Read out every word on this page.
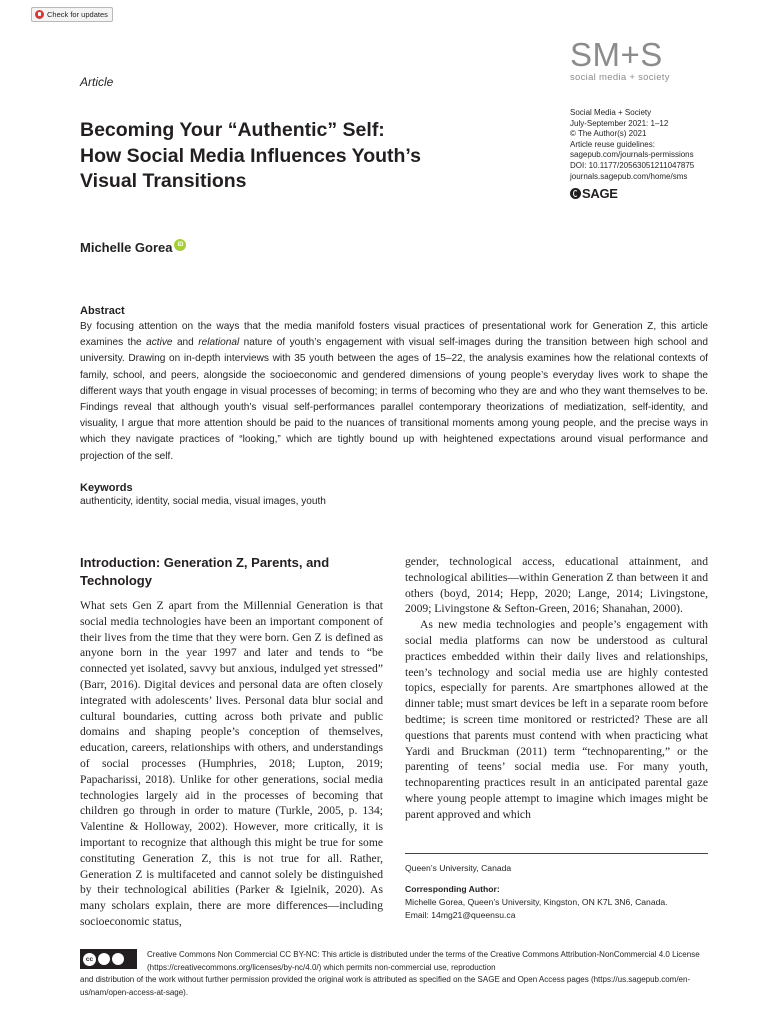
Check for updates
Article
SM+S
social media + society
Social Media + Society
July-September 2021: 1–12
© The Author(s) 2021
Article reuse guidelines:
sagepub.com/journals-permissions
DOI: 10.1177/20563051211047875
journals.sagepub.com/home/sms
SAGE
Becoming Your “Authentic” Self:
How Social Media Influences Youth’s
Visual Transitions
Michelle Gorea iD
Abstract
By focusing attention on the ways that the media manifold fosters visual practices of presentational work for Generation Z, this article examines the active and relational nature of youth’s engagement with visual self-images during the transition between high school and university. Drawing on in-depth interviews with 35 youth between the ages of 15–22, the analysis examines how the relational contexts of family, school, and peers, alongside the socioeconomic and gendered dimensions of young people’s everyday lives work to shape the different ways that youth engage in visual processes of becoming; in terms of becoming who they are and who they want themselves to be. Findings reveal that although youth’s visual self-performances parallel contemporary theorizations of mediatization, self-identity, and visuality, I argue that more attention should be paid to the nuances of transitional moments among young people, and the precise ways in which they navigate practices of “looking,” which are tightly bound up with heightened expectations around visual performance and projection of the self.
Keywords
authenticity, identity, social media, visual images, youth
Introduction: Generation Z, Parents, and Technology

What sets Gen Z apart from the Millennial Generation is that social media technologies have been an important component of their lives from the time that they were born. Gen Z is defined as anyone born in the year 1997 and later and tends to “be connected yet isolated, savvy but anxious, indulged yet stressed” (Barr, 2016). Digital devices and personal data are often closely integrated with adolescents’ lives. Personal data blur social and cultural boundaries, cutting across both private and public domains and shaping people’s conception of themselves, education, careers, relationships with others, and understandings of social processes (Humphries, 2018; Lupton, 2019; Papacharissi, 2018). Unlike for other generations, social media technologies largely aid in the processes of becoming that children go through in order to mature (Turkle, 2005, p. 134; Valentine & Holloway, 2002). However, more critically, it is important to recognize that although this might be true for some constituting Generation Z, this is not true for all. Rather, Generation Z is multifaceted and cannot solely be distinguished by their technological abilities (Parker & Igielnik, 2020). As many scholars explain, there are more differences—including socioeconomic status,

gender, technological access, educational attainment, and technological abilities—within Generation Z than between it and others (boyd, 2014; Hepp, 2020; Lange, 2014; Livingstone, 2009; Livingstone & Sefton-Green, 2016; Shanahan, 2000).

As new media technologies and people’s engagement with social media platforms can now be understood as cultural practices embedded within their daily lives and relationships, teen’s technology and social media use are highly contested topics, especially for parents. Are smartphones allowed at the dinner table; must smart devices be left in a separate room before bedtime; is screen time monitored or restricted? These are all questions that parents must contend with when practicing what Yardi and Bruckman (2011) term “technoparenting,” or the parenting of teens’ social media use. For many youth, technoparenting practices result in an anticipated parental gaze where young people attempt to imagine which images might be parent approved and which

Queen’s University, Canada
Corresponding Author:
Michelle Gorea, Queen’s University, Kingston, ON K7L 3N6, Canada.
Email: 14mg21@queensu.ca
cc	Creative Commons Non Commercial CC BY-NC: This article is distributed under the terms of the Creative Commons Attribution-NonCommercial 4.0 License (https://creativecommons.org/licenses/by-nc/4.0/) which permits non-commercial use, reproduction
and distribution of the work without further permission provided the original work is attributed as specified on the SAGE and Open Access pages (https://us.sagepub.com/en-us/nam/open-access-at-sage).
